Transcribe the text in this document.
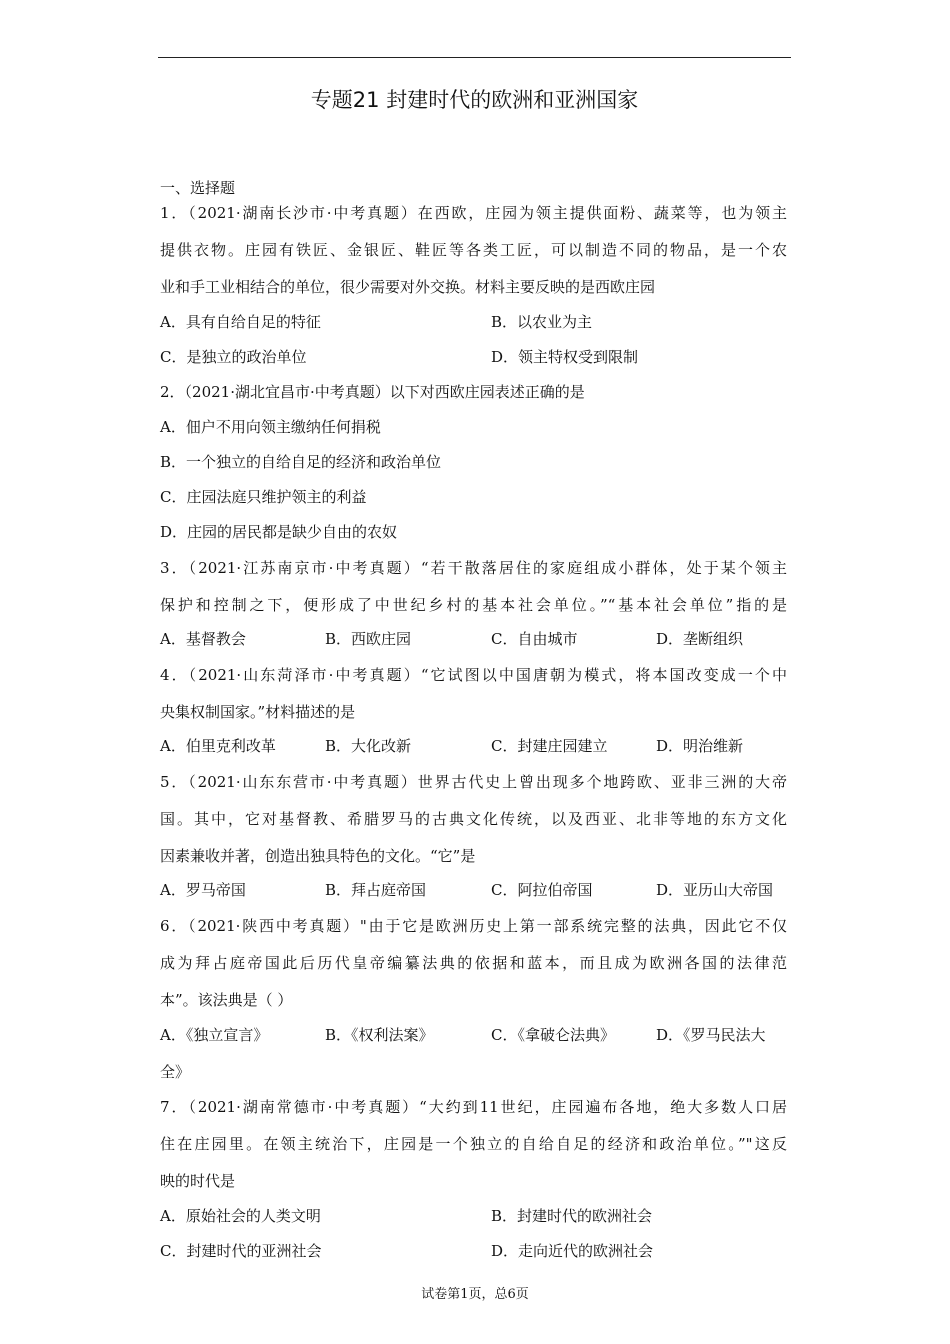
专题21 封建时代的欧洲和亚洲国家
一、选择题
1．（2021·湖南长沙市·中考真题）在西欧，庄园为领主提供面粉、蔬菜等，也为领主
提供衣物。庄园有铁匠、金银匠、鞋匠等各类工匠，可以制造不同的物品，是一个农
业和手工业相结合的单位，很少需要对外交换。材料主要反映的是西欧庄园
A．具有自给自足的特征	B．以农业为主
C．是独立的政治单位	D．领主特权受到限制
2．（2021·湖北宜昌市·中考真题）以下对西欧庄园表述正确的是
A．佃户不用向领主缴纳任何捐税
B．一个独立的自给自足的经济和政治单位
C．庄园法庭只维护领主的利益
D．庄园的居民都是缺少自由的农奴
3．（2021·江苏南京市·中考真题）“若干散落居住的家庭组成小群体，处于某个领主
保护和控制之下，便形成了中世纪乡村的基本社会单位。”“基本社会单位”指的是
A．基督教会	B．西欧庄园	C．自由城市	D．垄断组织
4．（2021·山东菏泽市·中考真题）“它试图以中国唐朝为模式，将本国改变成一个中
央集权制国家。”材料描述的是
A．伯里克利改革	B．大化改新	C．封建庄园建立	D．明治维新
5．（2021·山东东营市·中考真题）世界古代史上曾出现多个地跨欧、亚非三洲的大帝
国。其中，它对基督教、希腊罗马的古典文化传统，以及西亚、北非等地的东方文化
因素兼收并著，创造出独具特色的文化。“它”是
A．罗马帝国	B．拜占庭帝国	C．阿拉伯帝国	D．亚历山大帝国
6．（2021·陕西中考真题）"由于它是欧洲历史上第一部系统完整的法典，因此它不仅
成为拜占庭帝国此后历代皇帝编纂法典的依据和蓝本，而且成为欧洲各国的法律范
本”。该法典是（ ）
A．《独立宣言》	B．《权利法案》	C．《拿破仑法典》	D．《罗马民法大
全》
7．（2021·湖南常德市·中考真题）“大约到11世纪，庄园遍布各地，绝大多数人口居
住在庄园里。在领主统治下，庄园是一个独立的自给自足的经济和政治单位。”"这反
映的时代是
A．原始社会的人类文明	B．封建时代的欧洲社会
C．封建时代的亚洲社会	D．走向近代的欧洲社会
试卷第1页，总6页
